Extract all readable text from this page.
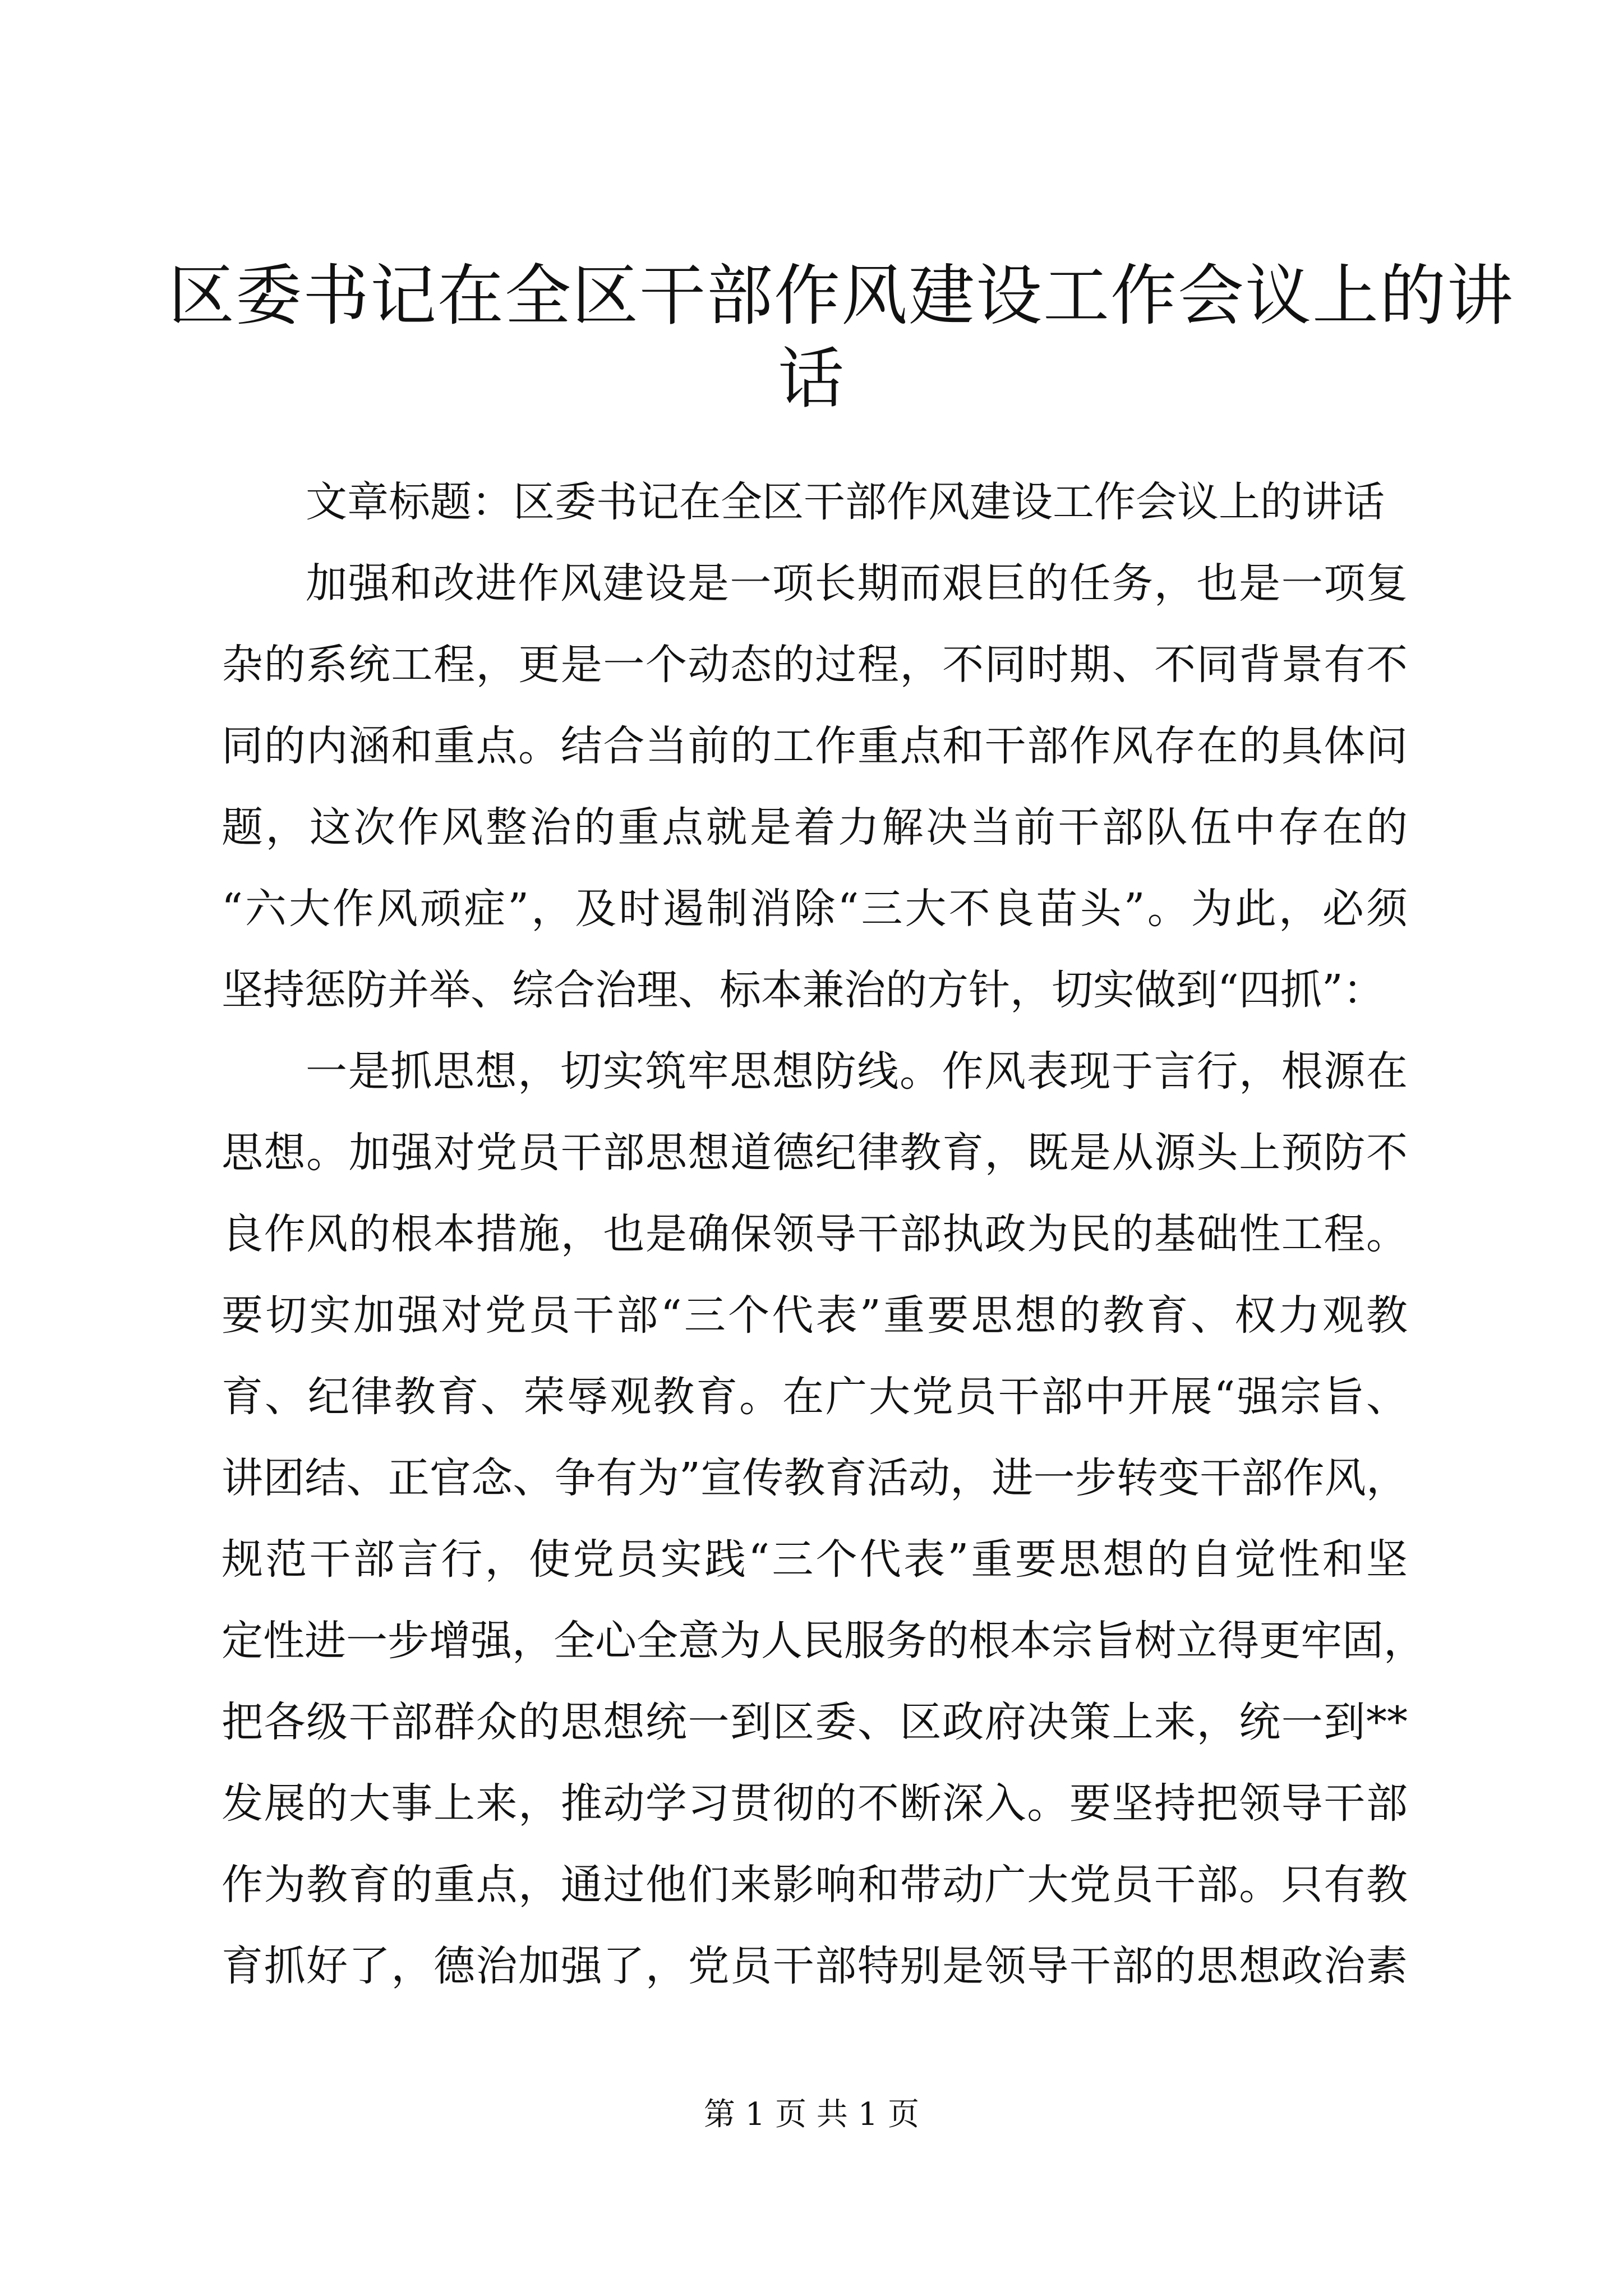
区委书记在全区干部作风建设工作会议上的讲
话
文章标题：区委书记在全区干部作风建设工作会议上的讲话
加强和改进作风建设是一项长期而艰巨的任务，也是一项复
杂的系统工程，更是一个动态的过程，不同时期、不同背景有不
同的内涵和重点。结合当前的工作重点和干部作风存在的具体问
题，这次作风整治的重点就是着力解决当前干部队伍中存在的
“六大作风顽症”，及时遏制消除“三大不良苗头”。为此，必须
坚持惩防并举、综合治理、标本兼治的方针，切实做到“四抓”：
一是抓思想，切实筑牢思想防线。作风表现于言行，根源在
思想。加强对党员干部思想道德纪律教育，既是从源头上预防不
良作风的根本措施，也是确保领导干部执政为民的基础性工程。
要切实加强对党员干部“三个代表”重要思想的教育、权力观教
育、纪律教育、荣辱观教育。在广大党员干部中开展“强宗旨、
讲团结、正官念、争有为”宣传教育活动，进一步转变干部作风，
规范干部言行，使党员实践“三个代表”重要思想的自觉性和坚
定性进一步增强，全心全意为人民服务的根本宗旨树立得更牢固，
把各级干部群众的思想统一到区委、区政府决策上来，统一到**
发展的大事上来，推动学习贯彻的不断深入。要坚持把领导干部
作为教育的重点，通过他们来影响和带动广大党员干部。只有教
育抓好了，德治加强了，党员干部特别是领导干部的思想政治素
第 1 页 共 1 页
